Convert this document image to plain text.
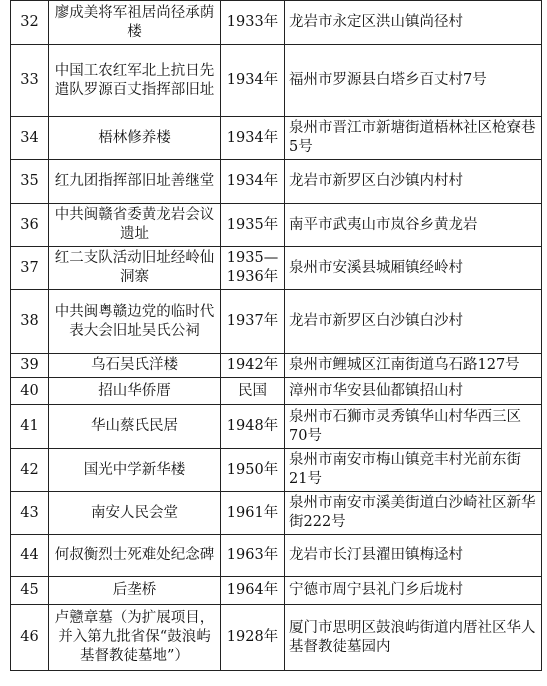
32	廖成美将军祖居尚径承荫楼	1933年	龙岩市永定区洪山镇尚径村
33	中国工农红军北上抗日先遣队罗源百丈指挥部旧址	1934年	福州市罗源县白塔乡百丈村7号
34	梧林修养楼	1934年	泉州市晋江市新塘街道梧林社区枪寮巷5号
35	红九团指挥部旧址善继堂	1934年	龙岩市新罗区白沙镇内村村
36	中共闽赣省委黄龙岩会议遗址	1935年	南平市武夷山市岚谷乡黄龙岩
37	红二支队活动旧址经岭仙洞寨	1935—1936年	泉州市安溪县城厢镇经岭村
38	中共闽粤赣边党的临时代表大会旧址吴氏公祠	1937年	龙岩市新罗区白沙镇白沙村
39	乌石吴氏洋楼	1942年	泉州市鲤城区江南街道乌石路127号
40	招山华侨厝	民国	漳州市华安县仙都镇招山村
41	华山蔡氏民居	1948年	泉州市石狮市灵秀镇华山村华西三区70号
42	国光中学新华楼	1950年	泉州市南安市梅山镇竞丰村光前东街21号
43	南安人民会堂	1961年	泉州市南安市溪美街道白沙崎社区新华街222号
44	何叔衡烈士死难处纪念碑	1963年	龙岩市长汀县濯田镇梅迳村
45	后垄桥	1964年	宁德市周宁县礼门乡后垅村
46	卢戆章墓（为扩展项目，并入第九批省保“鼓浪屿基督教徒墓地”）	1928年	厦门市思明区鼓浪屿街道内厝社区华人基督教徒墓园内
